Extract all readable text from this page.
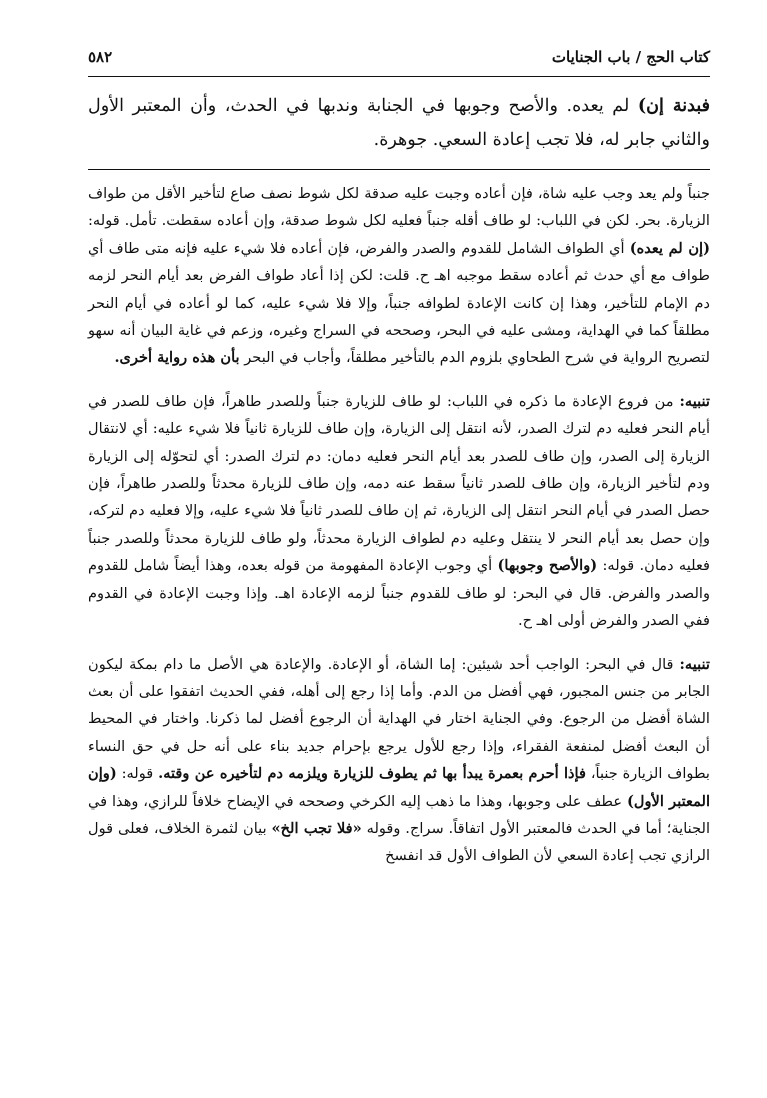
كتاب الحج / باب الجنايات
٥٨٢
فبدنة إن) لم يعده. والأصح وجوبها في الجنابة وندبها في الحدث، وأن المعتبر الأول والثاني جابر له، فلا تجب إعادة السعي. جوهرة.

جنباً ولم يعد وجب عليه شاة، فإن أعاده وجبت عليه صدقة لكل شوط نصف صاع لتأخير الأقل من طواف الزيارة. بحر. لكن في اللباب: لو طاف أقله جنباً فعليه لكل شوط صدقة، وإن أعاده سقطت. تأمل. قوله: (إن لم يعده) أي الطواف الشامل للقدوم والصدر والفرض، فإن أعاده فلا شيء عليه فإنه متى طاف أي طواف مع أي حدث ثم أعاده سقط موجبه اهـ ح. قلت: لكن إذا أعاد طواف الفرض بعد أيام النحر لزمه دم الإمام للتأخير، وهذا إن كانت الإعادة لطوافه جنباً، وإلا فلا شيء عليه، كما لو أعاده في أيام النحر مطلقاً كما في الهداية، ومشى عليه في البحر، وصححه في السراج وغيره، وزعم في غاية البيان أنه سهو لتصريح الرواية في شرح الطحاوي بلزوم الدم بالتأخير مطلقاً، وأجاب في البحر بأن هذه رواية أخرى.

تنبيه: من فروع الإعادة ما ذكره في اللباب: لو طاف للزيارة جنباً وللصدر طاهراً، فإن طاف للصدر في أيام النحر فعليه دم لترك الصدر، لأنه انتقل إلى الزيارة، وإن طاف للزيارة ثانياً فلا شيء عليه: أي لانتقال الزيارة إلى الصدر، وإن طاف للصدر بعد أيام النحر فعليه دمان: دم لترك الصدر: أي لتحوّله إلى الزيارة ودم لتأخير الزيارة، وإن طاف للصدر ثانياً سقط عنه دمه، وإن طاف للزيارة محدثاً وللصدر طاهراً، فإن حصل الصدر في أيام النحر انتقل إلى الزيارة، ثم إن طاف للصدر ثانياً فلا شيء عليه، وإلا فعليه دم لتركه، وإن حصل بعد أيام النحر لا ينتقل وعليه دم لطواف الزيارة محدثاً، ولو طاف للزيارة محدثاً وللصدر جنباً فعليه دمان. قوله: (والأصح وجوبها) أي وجوب الإعادة المفهومة من قوله بعده، وهذا أيضاً شامل للقدوم والصدر والفرض. قال في البحر: لو طاف للقدوم جنباً لزمه الإعادة اهـ. وإذا وجبت الإعادة في القدوم ففي الصدر والفرض أولى اهـ ح.

تنبيه: قال في البحر: الواجب أحد شيئين: إما الشاة، أو الإعادة. والإعادة هي الأصل ما دام بمكة ليكون الجابر من جنس المجبور، فهي أفضل من الدم. وأما إذا رجع إلى أهله، ففي الحديث اتفقوا على أن بعث الشاة أفضل من الرجوع. وفي الجناية اختار في الهداية أن الرجوع أفضل لما ذكرنا. واختار في المحيط أن البعث أفضل لمنفعة الفقراء، وإذا رجع للأول يرجع بإحرام جديد بناء على أنه حل في حق النساء بطواف الزيارة جنباً، فإذا أحرم بعمرة يبدأ بها ثم يطوف للزيارة ويلزمه دم لتأخيره عن وقته. قوله: (وإن المعتبر الأول) عطف على وجوبها، وهذا ما ذهب إليه الكرخي وصححه في الإيضاح خلافاً للرازي، وهذا في الجناية؛ أما في الحدث فالمعتبر الأول اتفاقاً. سراج. وقوله «فلا تجب الخ» بيان لثمرة الخلاف، فعلى قول الرازي تجب إعادة السعي لأن الطواف الأول قد انفسخ
